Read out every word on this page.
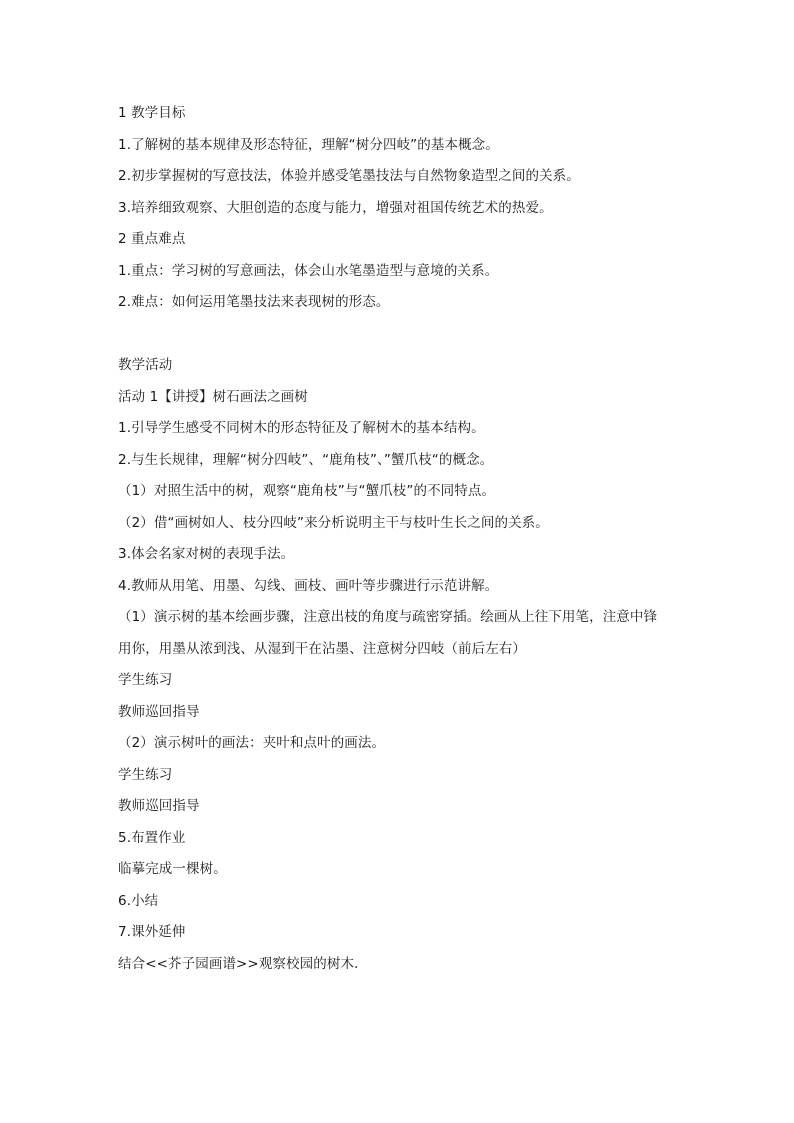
1 教学目标
1.了解树的基本规律及形态特征，理解“树分四岐”的基本概念。
2.初步掌握树的写意技法，体验并感受笔墨技法与自然物象造型之间的关系。
3.培养细致观察、大胆创造的态度与能力，增强对祖国传统艺术的热爱。
2 重点难点
1.重点：学习树的写意画法，体会山水笔墨造型与意境的关系。
2.难点：如何运用笔墨技法来表现树的形态。
教学活动
活动 1【讲授】树石画法之画树
1.引导学生感受不同树木的形态特征及了解树木的基本结构。
2.与生长规律，理解“树分四岐”、“鹿角枝”、”蟹爪枝“的概念。
（1）对照生活中的树，观察“鹿角枝”与“蟹爪枝”的不同特点。
（2）借“画树如人、枝分四岐”来分析说明主干与枝叶生长之间的关系。
3.体会名家对树的表现手法。
4.教师从用笔、用墨、勾线、画枝、画叶等步骤进行示范讲解。
（1）演示树的基本绘画步骤，注意出枝的角度与疏密穿插。绘画从上往下用笔，注意中锋
用你，用墨从浓到浅、从湿到干在沾墨、注意树分四岐（前后左右）
学生练习
教师巡回指导
（2）演示树叶的画法：夹叶和点叶的画法。
学生练习
教师巡回指导
5.布置作业
临摹完成一棵树。
6.小结
7.课外延伸
结合<<芥子园画谱>>观察校园的树木.
